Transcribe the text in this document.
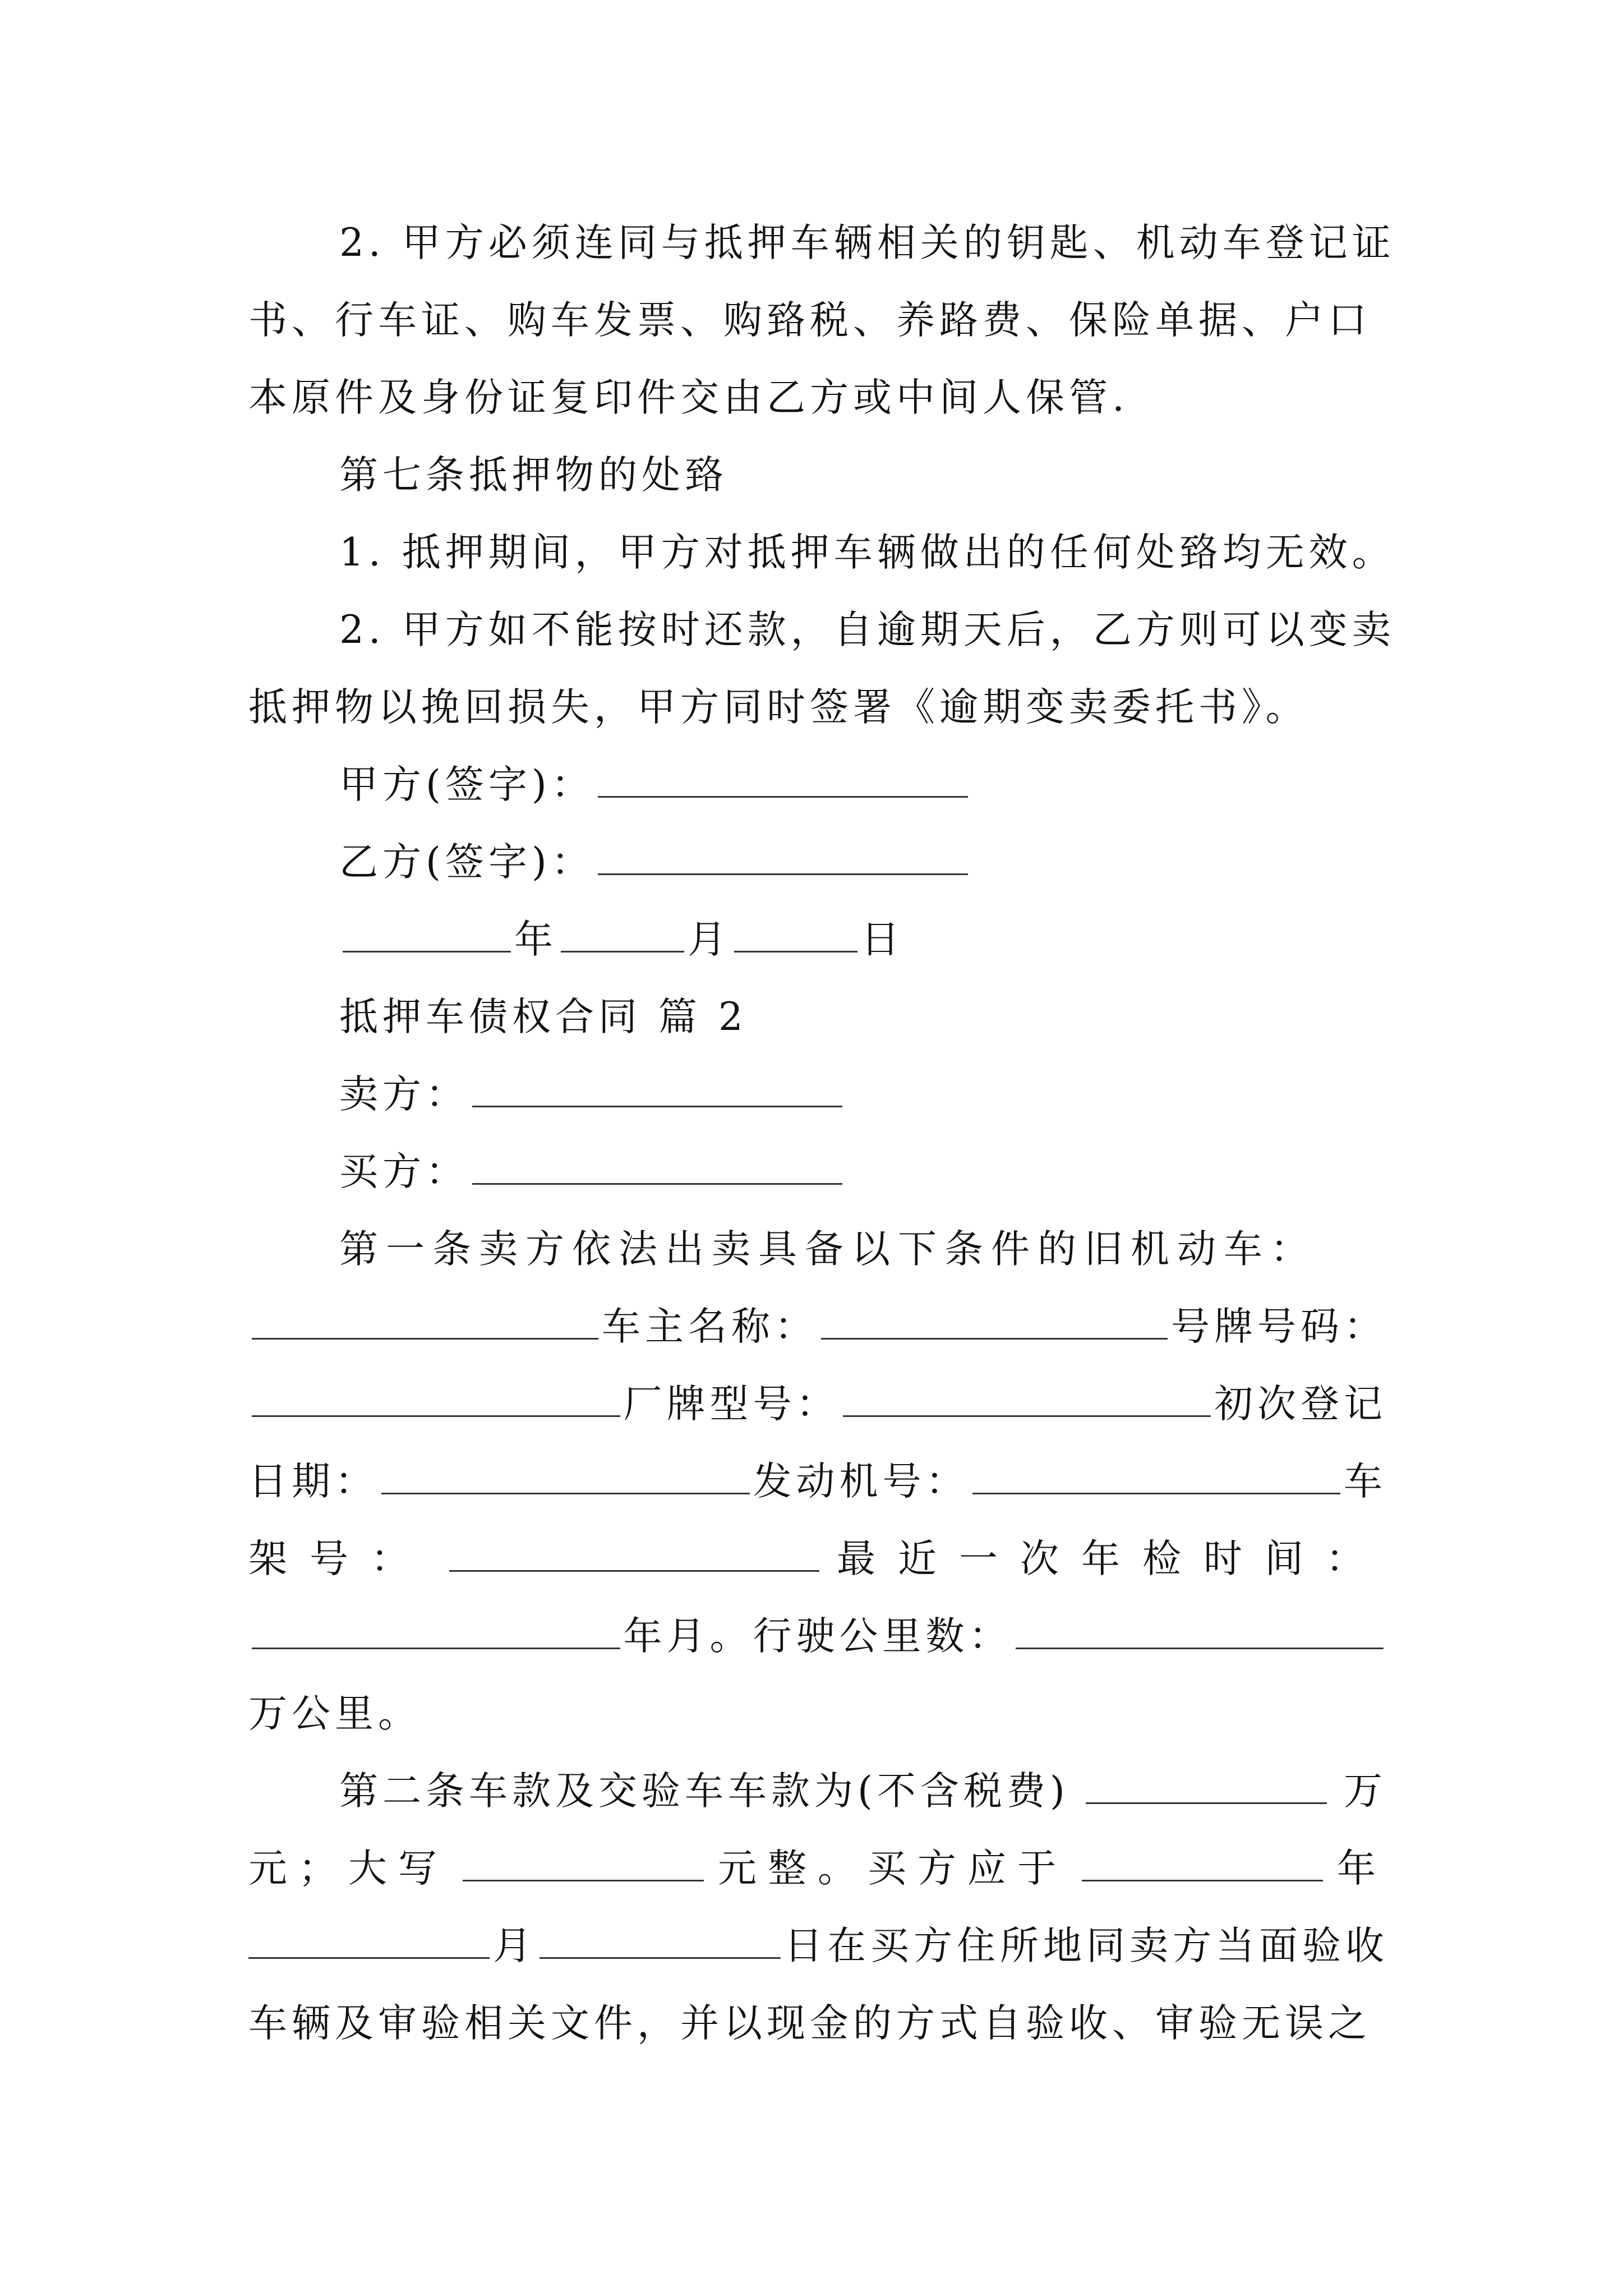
2. 甲方必须连同与抵押车辆相关的钥匙、机动车登记证
书、行车证、购车发票、购臵税、养路费、保险单据、户口
本原件及身份证复印件交由乙方或中间人保管.
第七条抵押物的处臵
1. 抵押期间，甲方对抵押车辆做出的任何处臵均无效。
2. 甲方如不能按时还款，自逾期天后，乙方则可以变卖
抵押物以挽回损失，甲方同时签署《逾期变卖委托书》。
甲方(签字)：
乙方(签字)：
年	月	日
抵押车债权合同 篇 2
卖方：
买方：
第一条卖方依法出卖具备以下条件的旧机动车：
车主名称：	号牌号码：
厂牌型号：	初次登记
日期：	发动机号：	车
架号：	最近一次年检时间：
年月。行驶公里数：
万公里。
第二条车款及交验车车款为(不含税费)	万
元；大写	元整。买方应于	年
月	日在买方住所地同卖方当面验收
车辆及审验相关文件，并以现金的方式自验收、审验无误之
